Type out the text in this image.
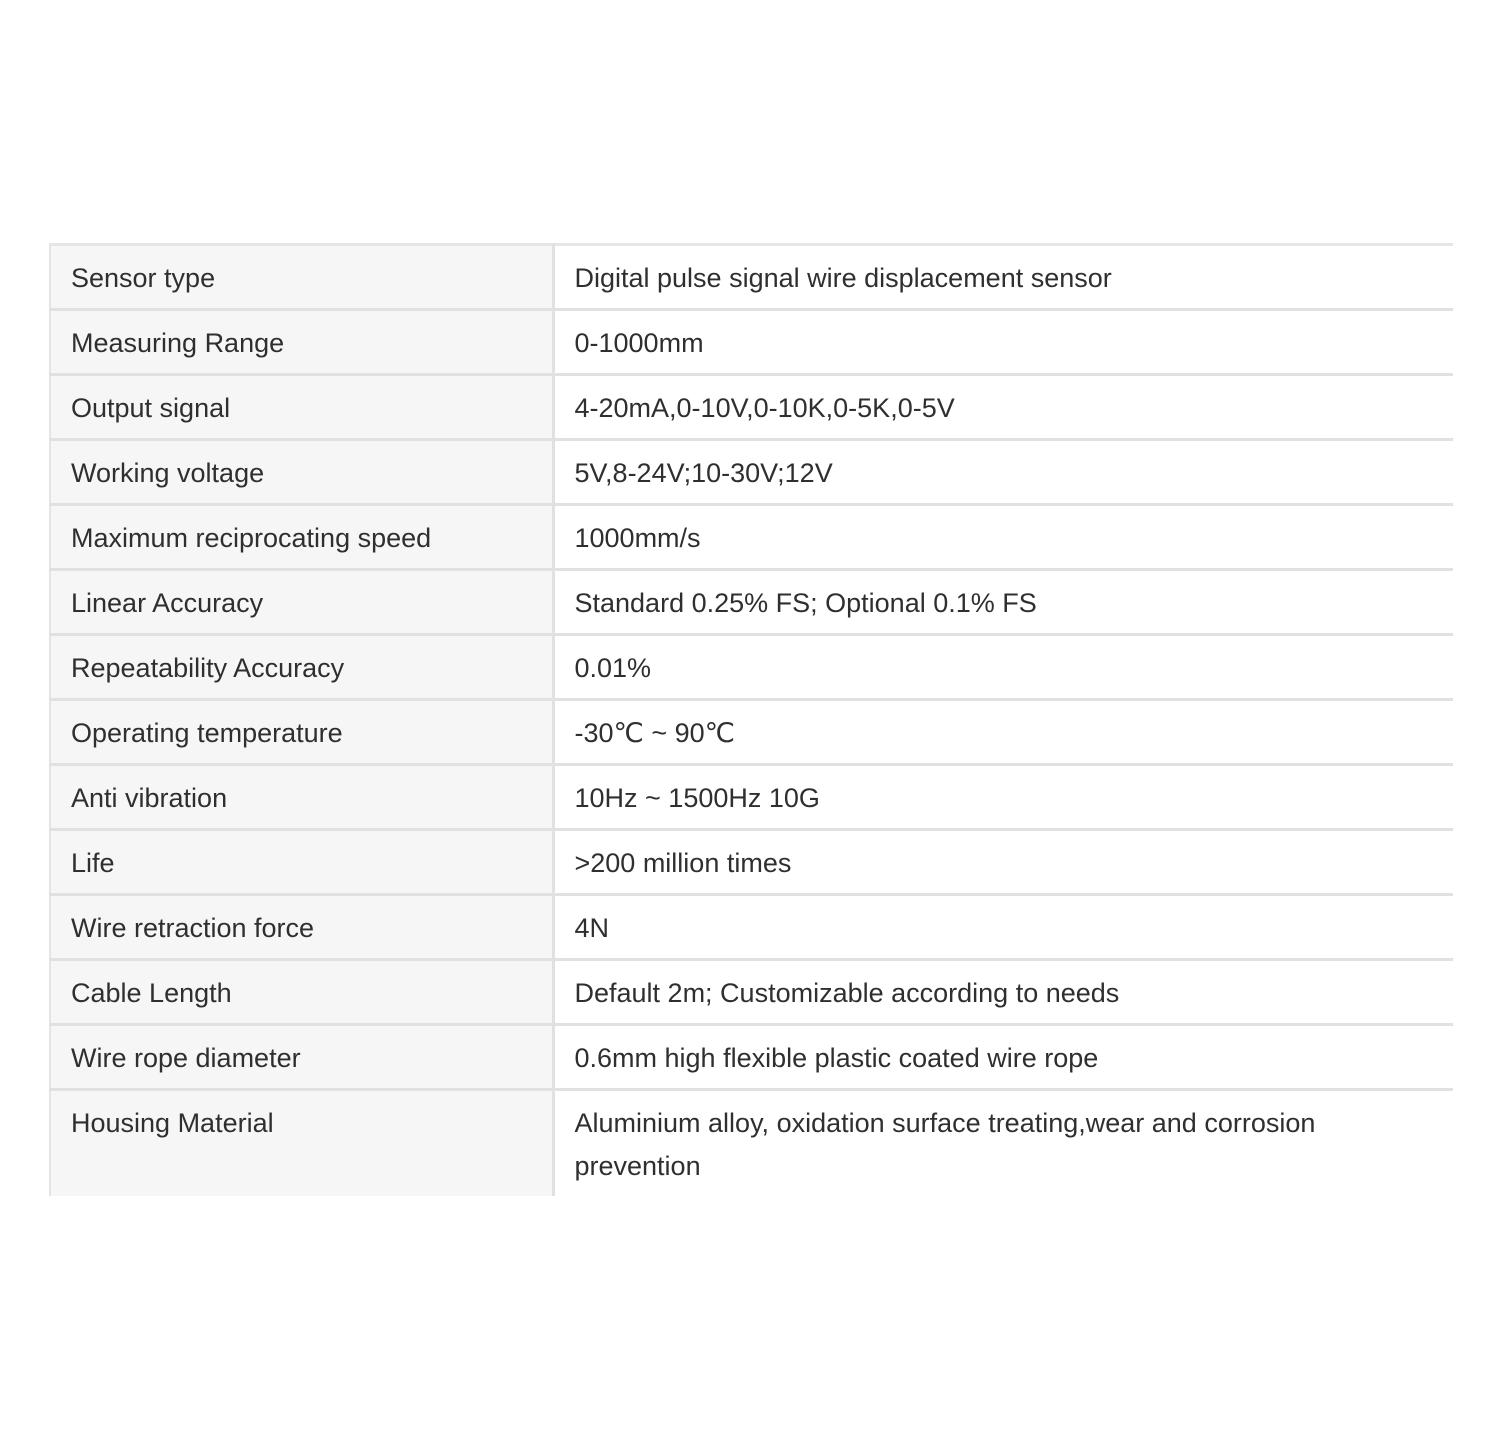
Sensor type	Digital pulse signal wire displacement sensor
Measuring Range	0-1000mm
Output signal	4-20mA,0-10V,0-10K,0-5K,0-5V
Working voltage	5V,8-24V;10-30V;12V
Maximum reciprocating speed	1000mm/s
Linear Accuracy	Standard 0.25% FS; Optional 0.1% FS
Repeatability Accuracy	0.01%
Operating temperature	-30℃ ~ 90℃
Anti vibration	10Hz ~ 1500Hz 10G
Life	>200 million times
Wire retraction force	4N
Cable Length	Default 2m; Customizable according to needs
Wire rope diameter	0.6mm high flexible plastic coated wire rope
Housing Material	Aluminium alloy, oxidation surface treating,wear and corrosion prevention
